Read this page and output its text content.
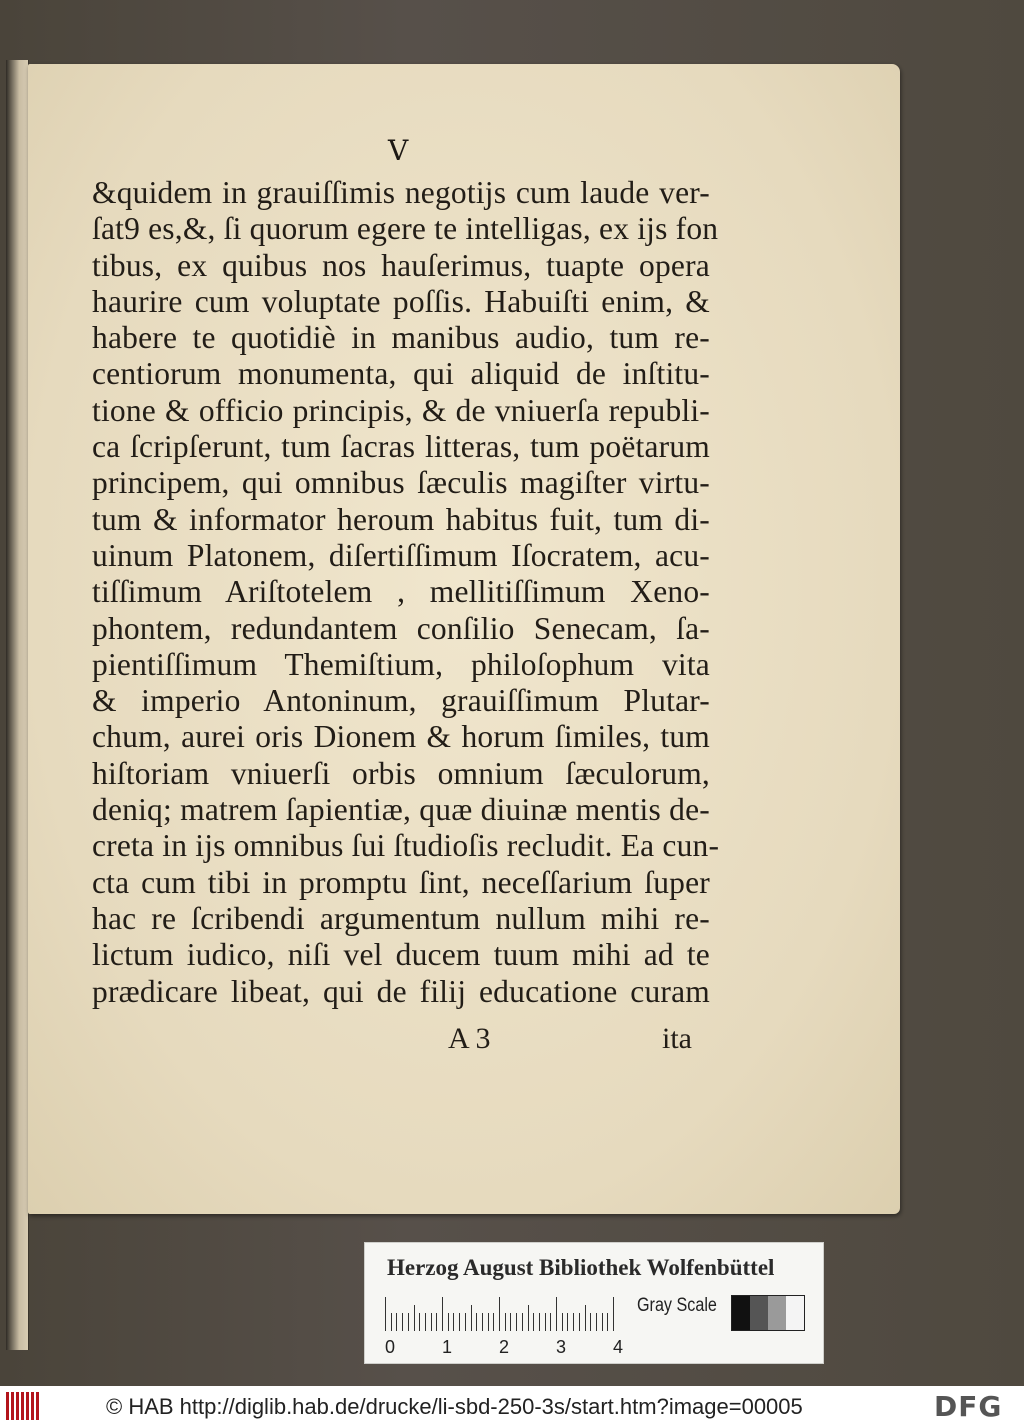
V
&quidem in grauiſſimis negotijs cum laude ver-
ſat9 es,&, ſi quorum egere te intelligas, ex ijs fon
tibus, ex quibus nos hauſerimus, tuapte opera
haurire cum voluptate poſſis. Habuiſti enim, &
habere te quotidiè in manibus audio, tum re-
centiorum monumenta, qui aliquid de inſtitu-
tione & officio principis, & de vniuerſa republi-
ca ſcripſerunt, tum ſacras litteras, tum poëtarum
principem, qui omnibus ſæculis magiſter virtu-
tum & informator heroum habitus fuit, tum di-
uinum Platonem, diſertiſſimum Iſocratem, acu-
tiſſimum Ariſtotelem , mellitiſſimum Xeno-
phontem, redundantem conſilio Senecam, ſa-
pientiſſimum Themiſtium, philoſophum vita
& imperio Antoninum, grauiſſimum Plutar-
chum, aurei oris Dionem & horum ſimiles, tum
hiſtoriam vniuerſi orbis omnium ſæculorum,
deniq; matrem ſapientiæ, quæ diuinæ mentis de-
creta in ijs omnibus ſui ſtudioſis recludit. Ea cun-
cta cum tibi in promptu ſint, neceſſarium ſuper
hac re ſcribendi argumentum nullum mihi re-
lictum iudico, niſi vel ducem tuum mihi ad te
prædicare libeat, qui de filij educatione curam
A 3	ita
Herzog August Bibliothek Wolfenbüttel
0	1	2	3	4
Gray Scale
© HAB http://diglib.hab.de/drucke/li-sbd-250-3s/start.htm?image=00005	DFG
